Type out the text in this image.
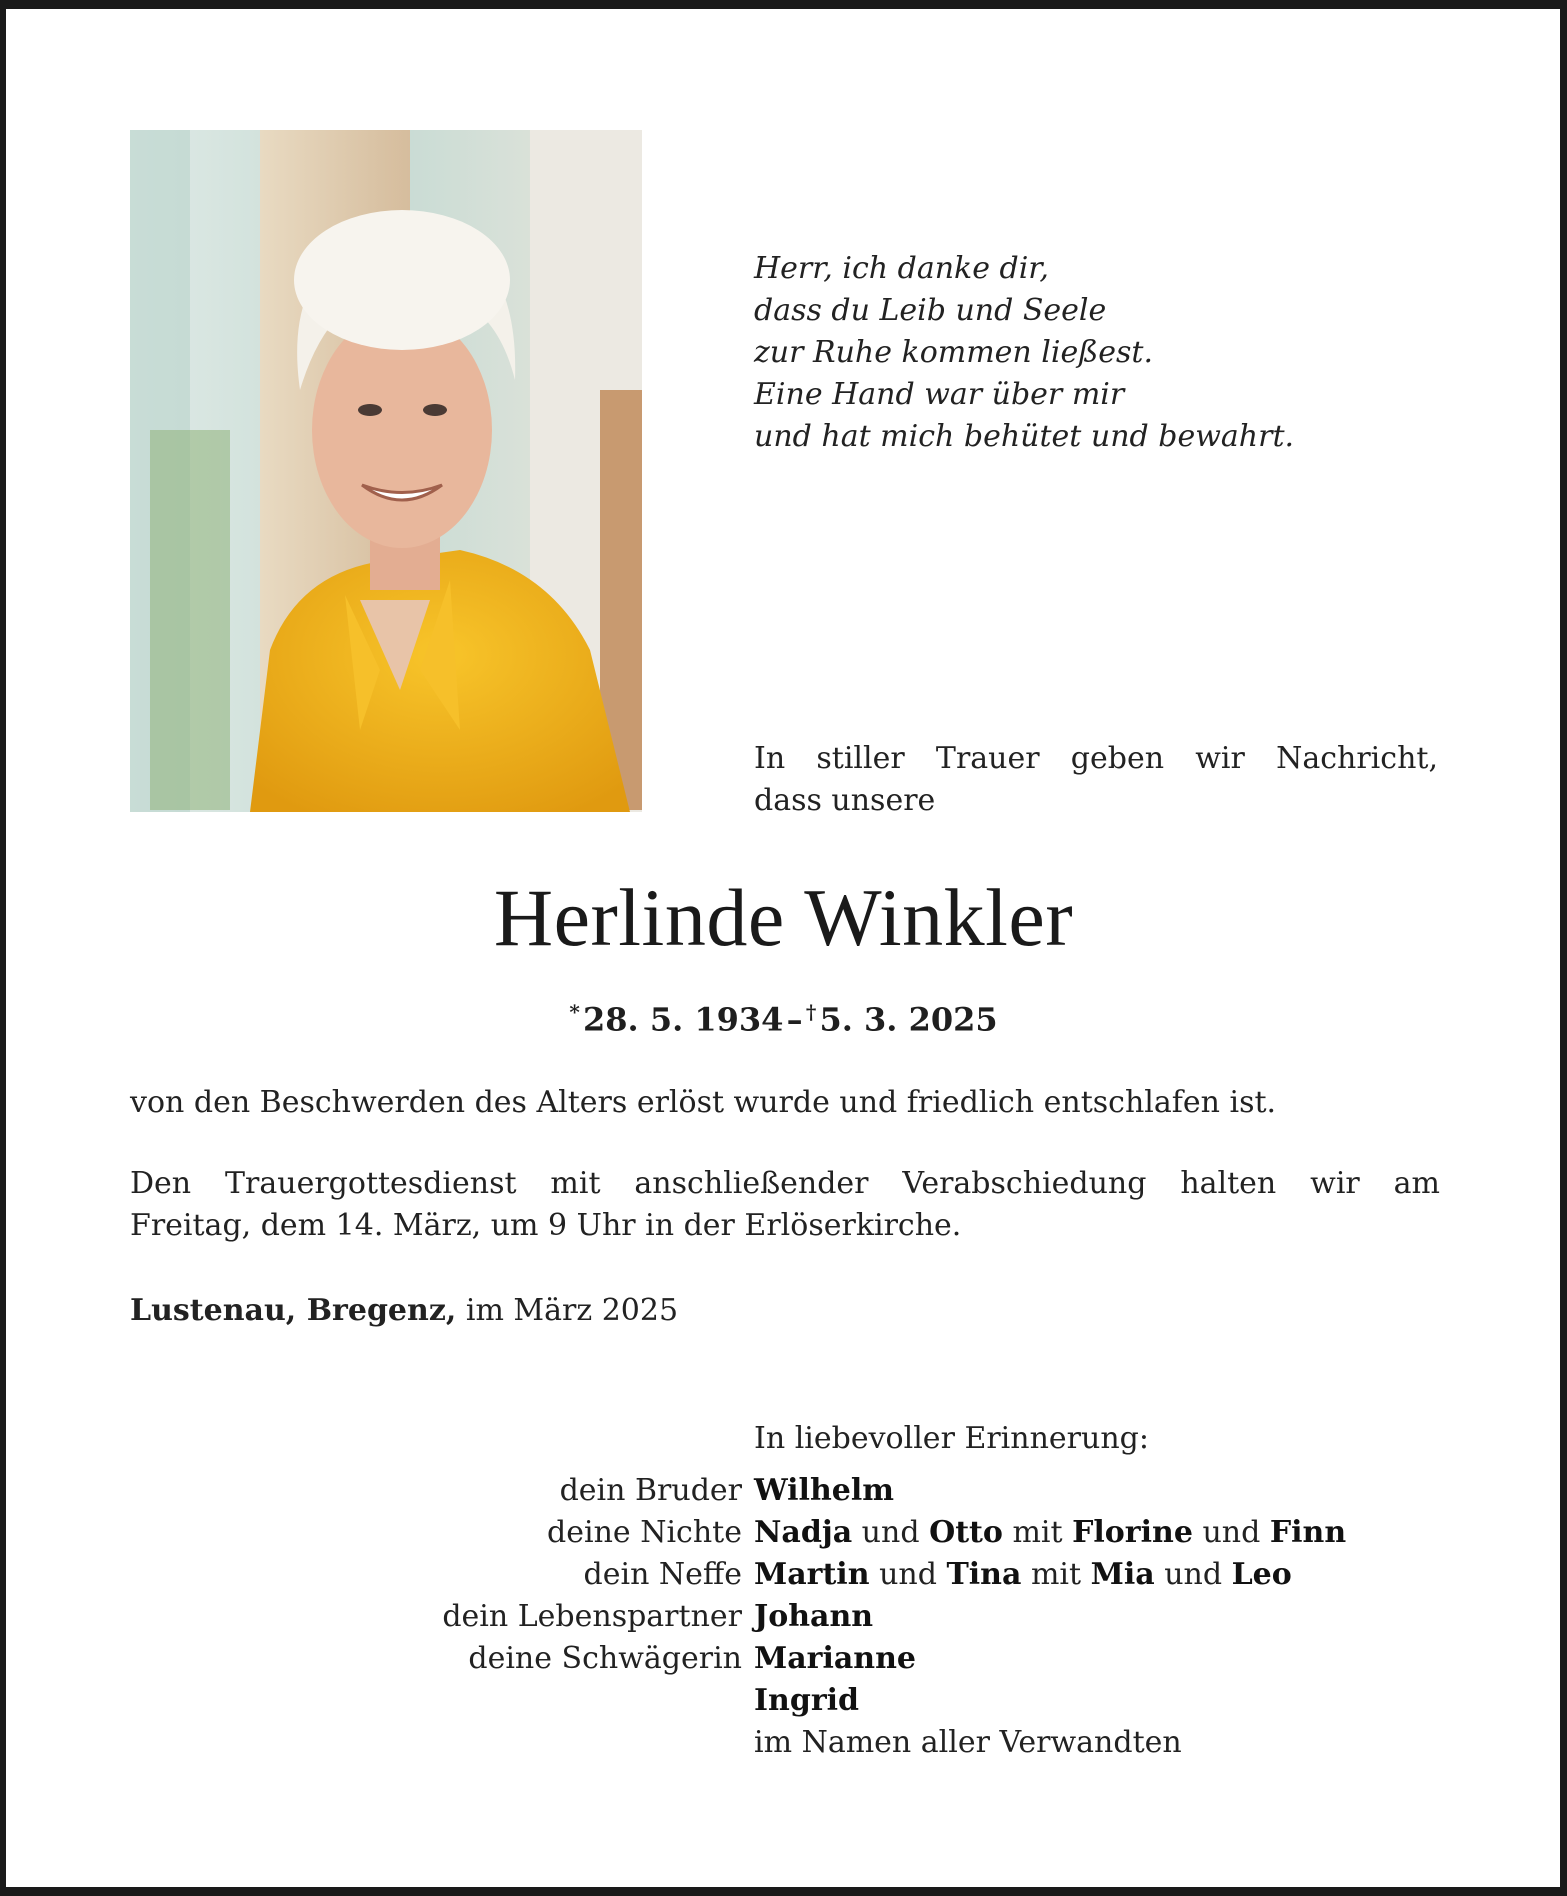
Herr, ich danke dir,
dass du Leib und Seele
zur Ruhe kommen ließest.
Eine Hand war über mir
und hat mich behütet und bewahrt.
In stiller Trauer geben wir Nachricht,
dass unsere
Herlinde Winkler
* 28. 5. 1934 –  † 5. 3. 2025
von den Beschwerden des Alters erlöst wurde und friedlich entschlafen ist.
Den Trauergottesdienst mit anschließender Verabschiedung halten wir am
Freitag, dem 14. März, um 9 Uhr in der Erlöserkirche.
Lustenau, Bregenz, im März 2025
In liebevoller Erinnerung:
dein Bruder Wilhelm
deine Nichte Nadja und Otto mit Florine und Finn
dein Neffe Martin und Tina mit Mia und Leo
dein Lebenspartner Johann
deine Schwägerin Marianne
Ingrid
im Namen aller Verwandten
